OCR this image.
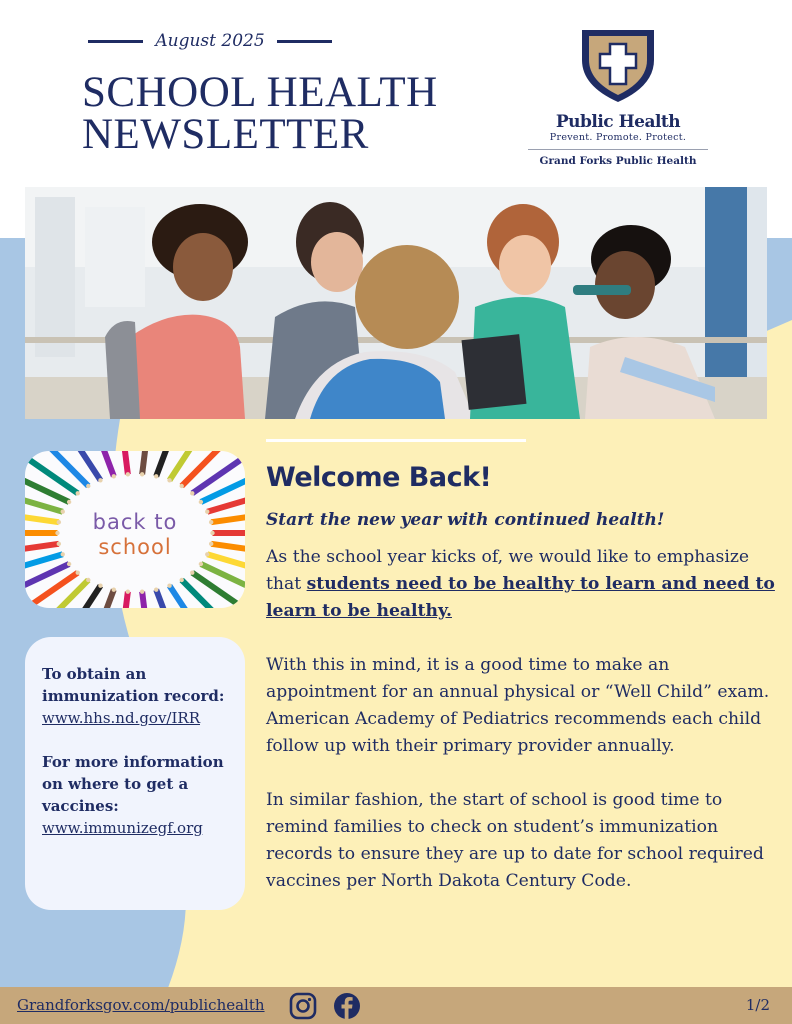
August 2025
SCHOOL HEALTH
NEWSLETTER	Public Health
Prevent. Promote. Protect.
Grand Forks Public Health
back to
school
To obtain an immunization record:
www.hhs.nd.gov/IRR
For more information on where to get a vaccines:
www.immunizegf.org
Welcome Back!
Start the new year with continued health!
As the school year kicks of, we would like to emphasize that students need to be healthy to learn and need to learn to be healthy.
With this in mind, it is a good time to make an appointment for an annual physical or “Well Child” exam. American Academy of Pediatrics recommends each child follow up with their primary provider annually.
In similar fashion, the start of school is good time to remind families to check on student’s immunization records to ensure they are up to date for school required vaccines per North Dakota Century Code.
Grandforksgov.com/publichealth	1/2
